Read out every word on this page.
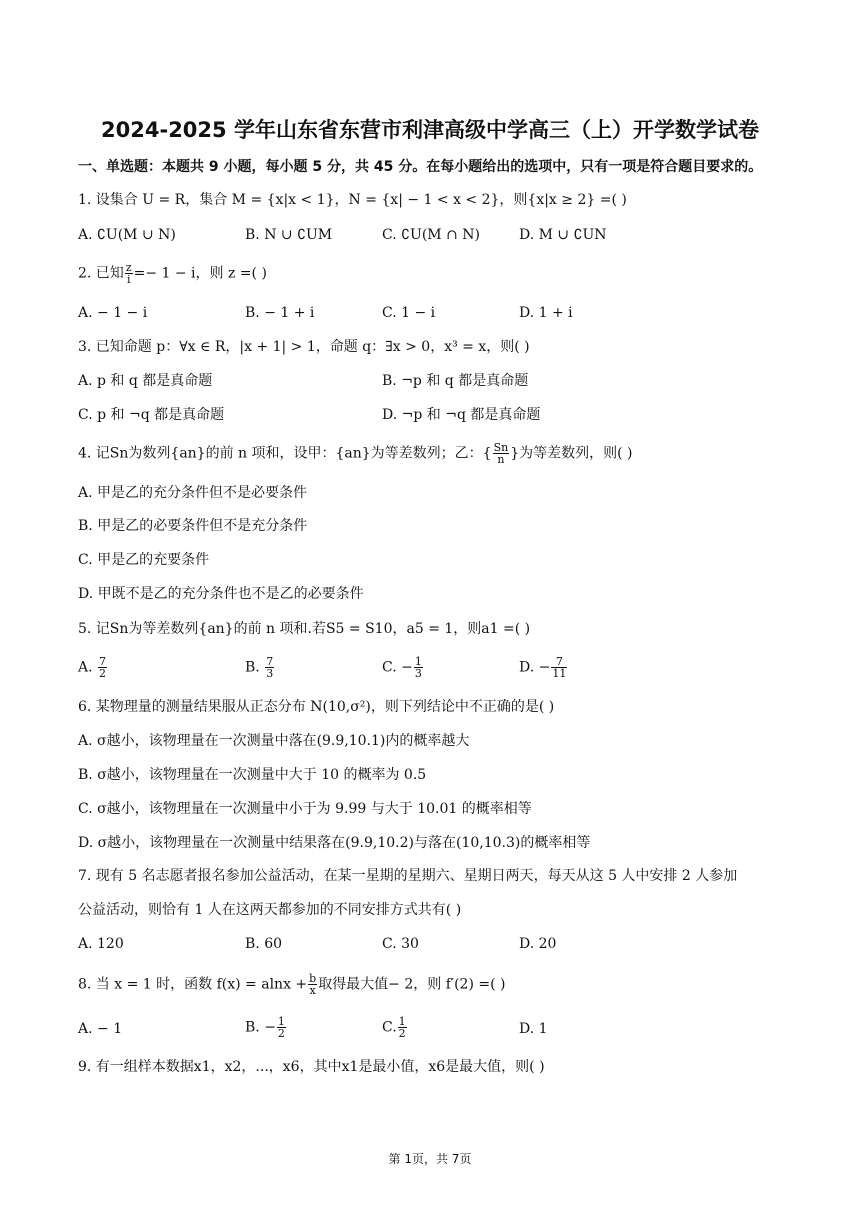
2024-2025 学年山东省东营市利津高级中学高三（上）开学数学试卷
一、单选题：本题共 9 小题，每小题 5 分，共 45 分。在每小题给出的选项中，只有一项是符合题目要求的。
1. 设集合 U = R，集合 M = {x|x < 1}，N = {x| − 1 < x < 2}，则{x|x ≥ 2} =( )
A. ∁U(M ∪ N)	B. N ∪ ∁UM	C. ∁U(M ∩ N)	D. M ∪ ∁UN
2. 已知 $\frac{z}{i} =- 1 - i$，则 z =( )
A. − 1 − i	B. − 1 + i	C. 1 − i	D. 1 + i
3. 已知命题 p：∀x ∈ R，|x + 1| > 1，命题 q：∃x > 0，x³ = x，则( )
A. p 和 q 都是真命题	B. ¬p 和 q 都是真命题
C. p 和 ¬q 都是真命题	D. ¬p 和 ¬q 都是真命题
4. 记Sn为数列{an}的前 n 项和，设甲：{an}为等差数列；乙：{ $\frac{Sn}{n}$ }为等差数列，则( )
A. 甲是乙的充分条件但不是必要条件
B. 甲是乙的必要条件但不是充分条件
C. 甲是乙的充要条件
D. 甲既不是乙的充分条件也不是乙的必要条件
5. 记Sn为等差数列{an}的前 n 项和.若S5 = S10，a5 = 1，则a1 =( )
A. $\frac{7}{2}$	B. $\frac{7}{3}$	C. − $\frac{1}{3}$	D. − $\frac{7}{11}$
6. 某物理量的测量结果服从正态分布 N(10,σ²)，则下列结论中不正确的是( )
A. σ越小，该物理量在一次测量中落在(9.9,10.1)内的概率越大
B. σ越小，该物理量在一次测量中大于 10 的概率为 0.5
C. σ越小，该物理量在一次测量中小于为 9.99 与大于 10.01 的概率相等
D. σ越小，该物理量在一次测量中结果落在(9.9,10.2)与落在(10,10.3)的概率相等
7. 现有 5 名志愿者报名参加公益活动，在某一星期的星期六、星期日两天，每天从这 5 人中安排 2 人参加
公益活动，则恰有 1 人在这两天都参加的不同安排方式共有( )
A. 120	B. 60	C. 30	D. 20
8. 当 x = 1 时，函数 $f(x) = alnx + \frac{b}{x}$ 取得最大值− 2，则 f′(2) =( )
A. − 1	B. − $\frac{1}{2}$	C. $\frac{1}{2}$	D. 1
9. 有一组样本数据x1，x2，...，x6，其中x1是最小值，x6是最大值，则( )
第 1页，共 7页
